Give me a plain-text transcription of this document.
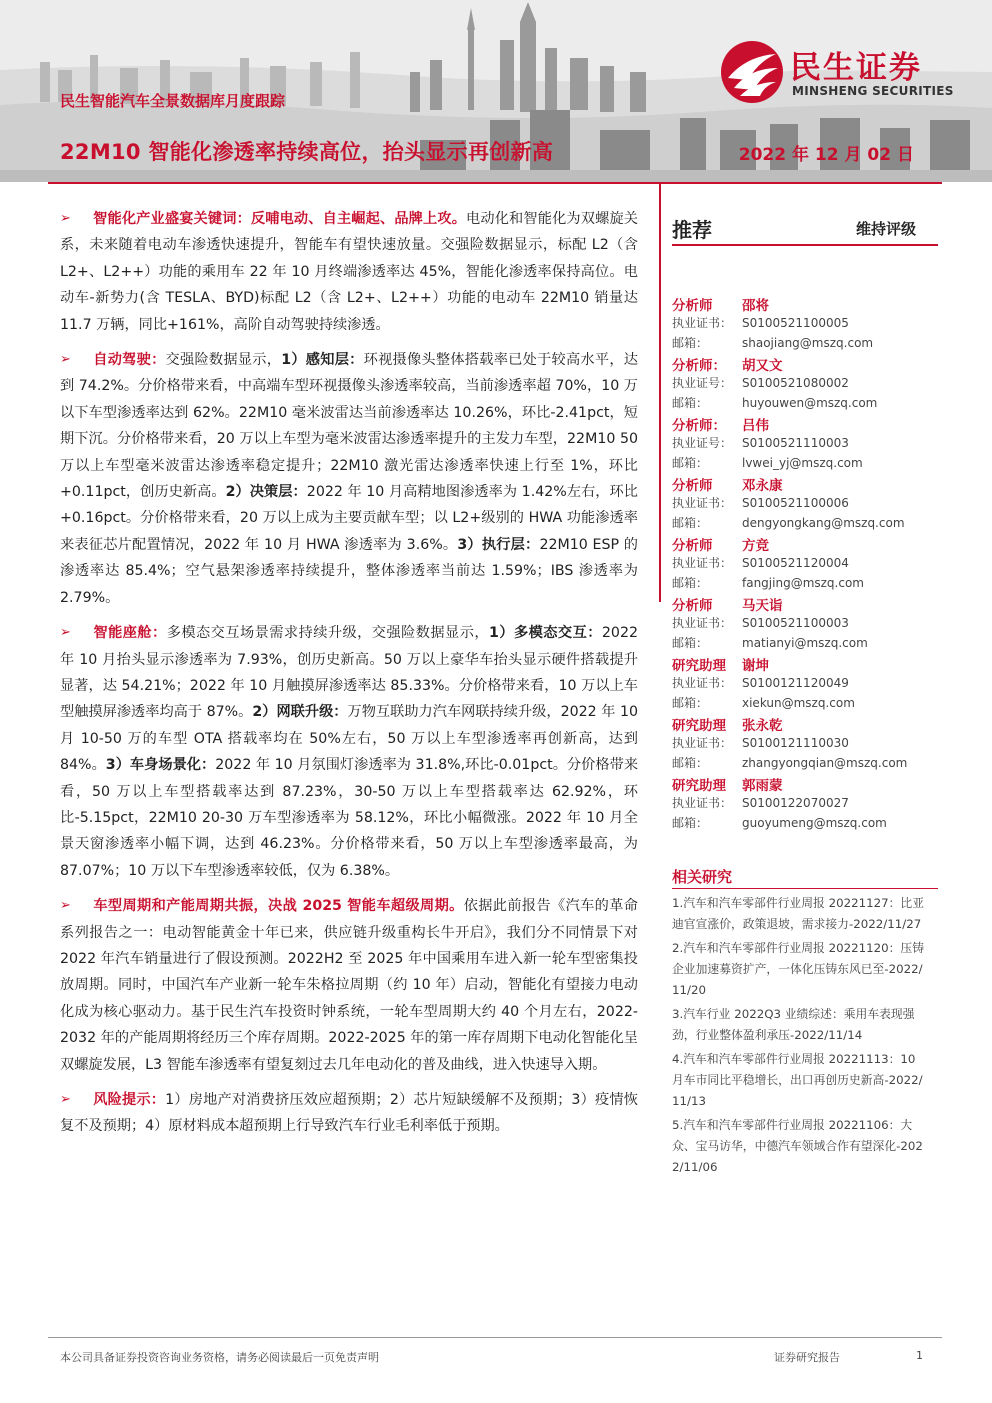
民生智能汽车全景数据库月度跟踪
22M10 智能化渗透率持续高位，抬头显示再创新高	2022 年 12 月 02 日
民生证券
MINSHENG SECURITIES
➢ 智能化产业盛宴关键词：反哺电动、自主崛起、品牌上攻。电动化和智能化为双螺旋关系，未来随着电动车渗透快速提升，智能车有望快速放量。交强险数据显示，标配 L2（含 L2+、L2++）功能的乘用车 22 年 10 月终端渗透率达 45%，智能化渗透率保持高位。电动车-新势力(含 TESLA、BYD)标配 L2（含 L2+、L2++）功能的电动车 22M10 销量达 11.7 万辆，同比+161%，高阶自动驾驶持续渗透。
➢ 自动驾驶：交强险数据显示，1）感知层：环视摄像头整体搭载率已处于较高水平，达到 74.2%。分价格带来看，中高端车型环视摄像头渗透率较高，当前渗透率超 70%，10 万以下车型渗透率达到 62%。22M10 毫米波雷达当前渗透率达 10.26%，环比-2.41pct，短期下沉。分价格带来看，20 万以上车型为毫米波雷达渗透率提升的主发力车型，22M10 50 万以上车型毫米波雷达渗透率稳定提升；22M10 激光雷达渗透率快速上行至 1%，环比+0.11pct，创历史新高。2）决策层：2022 年 10 月高精地图渗透率为 1.42%左右，环比+0.16pct。分价格带来看，20 万以上成为主要贡献车型；以 L2+级别的 HWA 功能渗透率来表征芯片配置情况，2022 年 10 月 HWA 渗透率为 3.6%。3）执行层：22M10 ESP 的渗透率达 85.4%；空气悬架渗透率持续提升，整体渗透率当前达 1.59%；IBS 渗透率为 2.79%。
➢ 智能座舱：多模态交互场景需求持续升级，交强险数据显示，1）多模态交互：2022 年 10 月抬头显示渗透率为 7.93%，创历史新高。50 万以上豪华车抬头显示硬件搭载提升显著，达 54.21%；2022 年 10 月触摸屏渗透率达 85.33%。分价格带来看，10 万以上车型触摸屏渗透率均高于 87%。2）网联升级：万物互联助力汽车网联持续升级，2022 年 10 月 10-50 万的车型 OTA 搭载率均在 50%左右，50 万以上车型渗透率再创新高，达到 84%。3）车身场景化：2022 年 10 月氛围灯渗透率为 31.8%,环比-0.01pct。分价格带来看，50 万以上车型搭载率达到 87.23%，30-50 万以上车型搭载率达 62.92%，环比-5.15pct，22M10 20-30 万车型渗透率为 58.12%，环比小幅微涨。2022 年 10 月全景天窗渗透率小幅下调，达到 46.23%。分价格带来看，50 万以上车型渗透率最高，为 87.07%；10 万以下车型渗透率较低，仅为 6.38%。
➢ 车型周期和产能周期共振，决战 2025 智能车超级周期。依据此前报告《汽车的革命系列报告之一：电动智能黄金十年已来，供应链升级重构长牛开启》，我们分不同情景下对 2022 年汽车销量进行了假设预测。2022H2 至 2025 年中国乘用车进入新一轮车型密集投放周期。同时，中国汽车产业新一轮车朱格拉周期（约 10 年）启动，智能化有望接力电动化成为核心驱动力。基于民生汽车投资时钟系统，一轮车型周期大约 40 个月左右，2022-2032 年的产能周期将经历三个库存周期。2022-2025 年的第一库存周期下电动化智能化呈双螺旋发展，L3 智能车渗透率有望复刻过去几年电动化的普及曲线，进入快速导入期。
➢ 风险提示：1）房地产对消费挤压效应超预期；2）芯片短缺缓解不及预期；3）疫情恢复不及预期；4）原材料成本超预期上行导致汽车行业毛利率低于预期。
推荐	维持评级
分析师 邵将
执业证书： S0100521100005
邮箱：	shaojiang@mszq.com
分析师： 胡又文
执业证号： S0100521080002
邮箱：	huyouwen@mszq.com
分析师： 吕伟
执业证号： S0100521110003
邮箱：	lvwei_yj@mszq.com
分析师 邓永康
执业证书： S0100521100006
邮箱：	dengyongkang@mszq.com
分析师 方竞
执业证书： S0100521120004
邮箱：	fangjing@mszq.com
分析师 马天诣
执业证书： S0100521100003
邮箱：	matianyi@mszq.com
研究助理 谢坤
执业证书： S0100121120049
邮箱：	xiekun@mszq.com
研究助理 张永乾
执业证书： S0100121110030
邮箱：	zhangyongqian@mszq.com
研究助理 郭雨蒙
执业证书： S0100122070027
邮箱：	guoyumeng@mszq.com
相关研究
1.汽车和汽车零部件行业周报 20221127：比亚迪官宣涨价，政策退坡，需求接力-2022/11/27
2.汽车和汽车零部件行业周报 20221120：压铸企业加速募资扩产，一体化压铸东风已至-2022/11/20
3.汽车行业 2022Q3 业绩综述：乘用车表现强劲，行业整体盈利承压-2022/11/14
4.汽车和汽车零部件行业周报 20221113：10 月车市同比平稳增长，出口再创历史新高-2022/11/13
5.汽车和汽车零部件行业周报 20221106：大众、宝马访华，中德汽车领域合作有望深化-2022/11/06
本公司具备证券投资咨询业务资格，请务必阅读最后一页免责声明	证券研究报告	1
